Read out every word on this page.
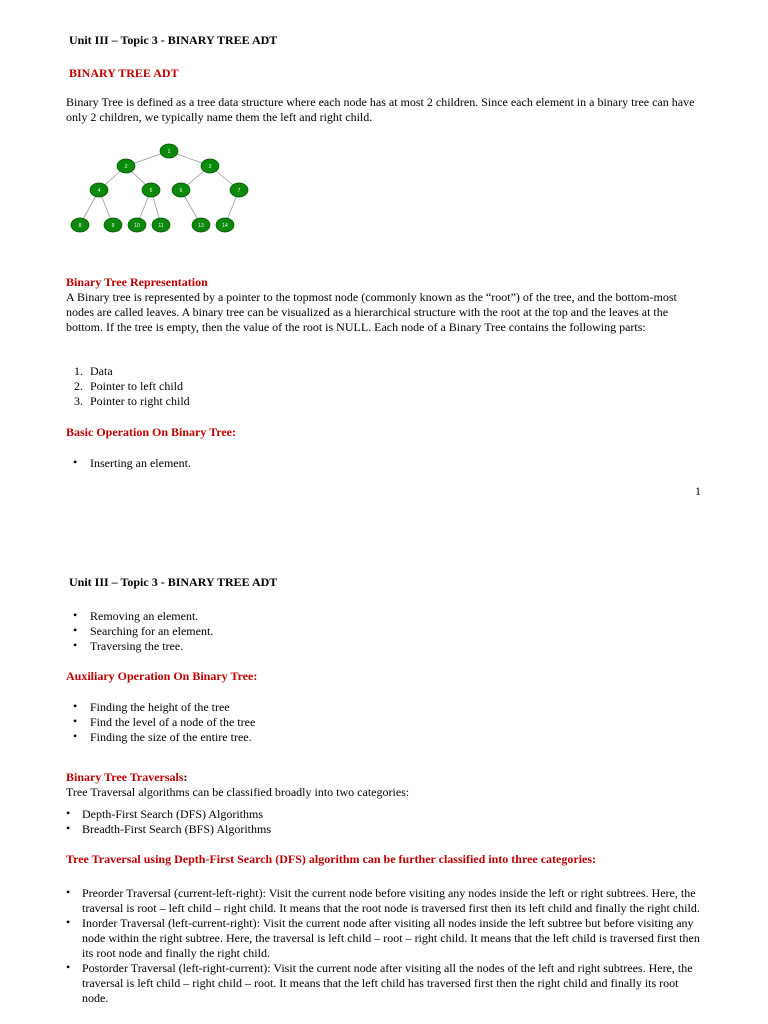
Unit III – Topic 3 - BINARY TREE ADT
BINARY TREE ADT
Binary Tree is defined as a tree data structure where each node has at most 2 children. Since each element in a binary tree can have only 2 children, we typically name them the left and right child.
1
2	3
4	5	6	7
8	9	10	11	13	14
Binary Tree Representation
A Binary tree is represented by a pointer to the topmost node (commonly known as the “root”) of the tree, and the bottom-most nodes are called leaves. A binary tree can be visualized as a hierarchical structure with the root at the top and the leaves at the bottom. If the tree is empty, then the value of the root is NULL. Each node of a Binary Tree contains the following parts:
1. Data
2. Pointer to left child
3. Pointer to right child
Basic Operation On Binary Tree:
• Inserting an element.
1
Unit III – Topic 3 - BINARY TREE ADT
• Removing an element.
• Searching for an element.
• Traversing the tree.
Auxiliary Operation On Binary Tree:
• Finding the height of the tree
• Find the level of a node of the tree
• Finding the size of the entire tree.
Binary Tree Traversals:
Tree Traversal algorithms can be classified broadly into two categories:
• Depth-First Search (DFS) Algorithms
• Breadth-First Search (BFS) Algorithms
Tree Traversal using Depth-First Search (DFS) algorithm can be further classified into three categories:
• Preorder Traversal (current-left-right): Visit the current node before visiting any nodes inside the left or right subtrees. Here, the traversal is root – left child – right child. It means that the root node is traversed first then its left child and finally the right child.
• Inorder Traversal (left-current-right): Visit the current node after visiting all nodes inside the left subtree but before visiting any node within the right subtree. Here, the traversal is left child – root – right child. It means that the left child is traversed first then its root node and finally the right child.
• Postorder Traversal (left-right-current): Visit the current node after visiting all the nodes of the left and right subtrees. Here, the traversal is left child – right child – root. It means that the left child has traversed first then the right child and finally its root node.
